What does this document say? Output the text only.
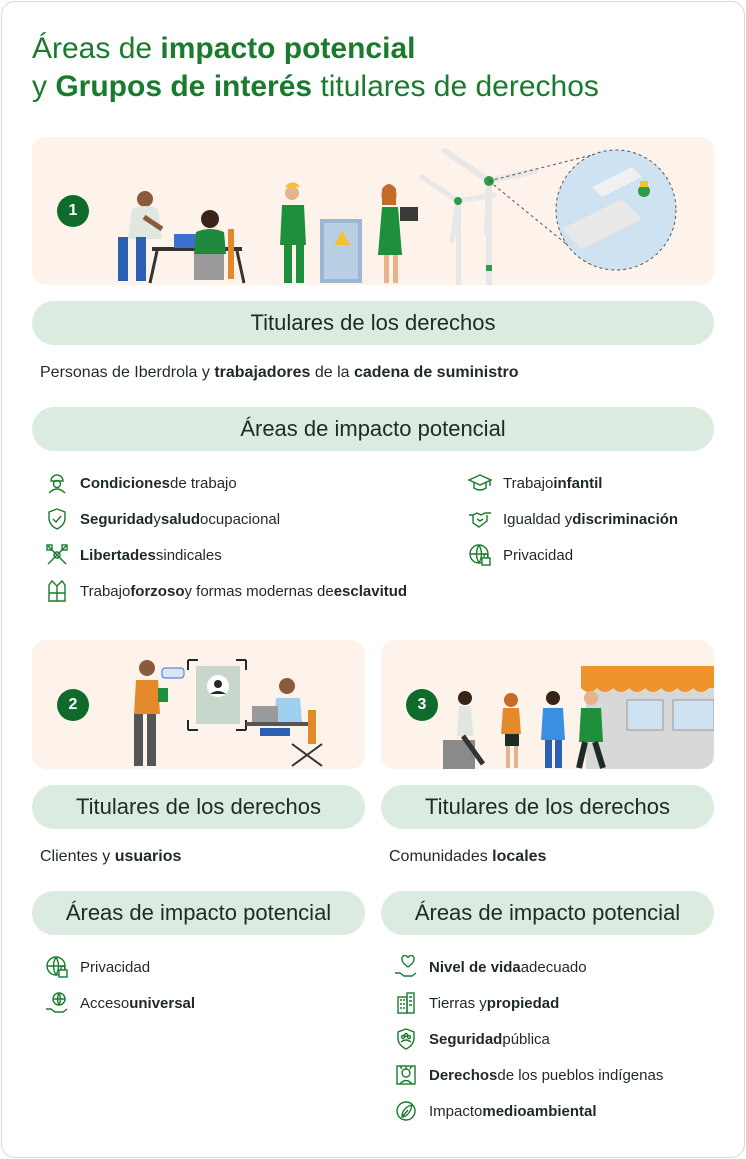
Áreas de impacto potencial
y Grupos de interés titulares de derechos
1
Titulares de los derechos
Personas de Iberdrola y trabajadores de la cadena de suministro
Áreas de impacto potencial
Condiciones de trabajo
Seguridad y salud ocupacional
Libertades sindicales
Trabajo forzoso y formas modernas de esclavitud
Trabajo infantil
Igualdad y discriminación
Privacidad
2
Titulares de los derechos
Clientes y usuarios
Áreas de impacto potencial
Privacidad
Acceso universal
3
Titulares de los derechos
Comunidades locales
Áreas de impacto potencial
Nivel de vida adecuado
Tierras y propiedad
Seguridad pública
Derechos de los pueblos indígenas
Impacto medioambiental
